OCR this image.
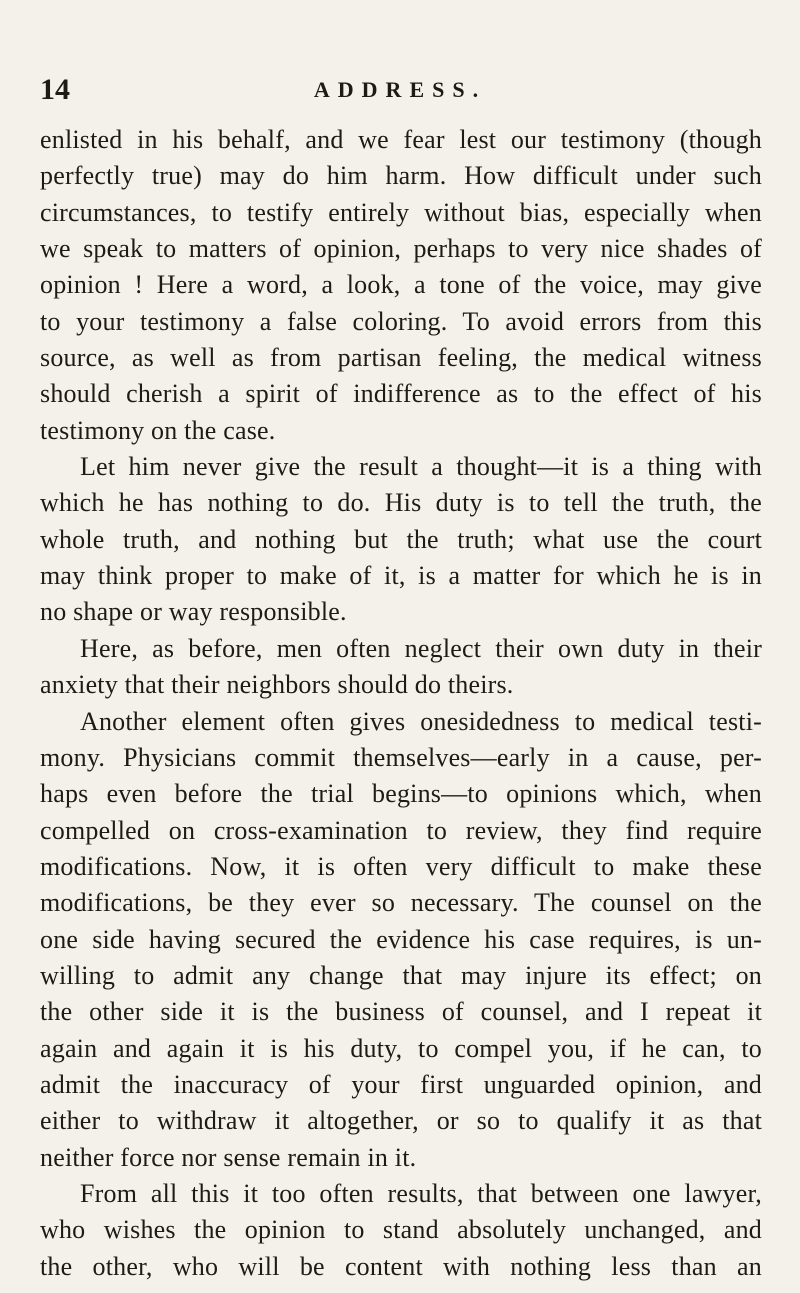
14	ADDRESS.
enlisted in his behalf, and we fear lest our testimony (though
perfectly true) may do him harm. How difficult under such
circumstances, to testify entirely without bias, especially when
we speak to matters of opinion, perhaps to very nice shades of
opinion ! Here a word, a look, a tone of the voice, may give
to your testimony a false coloring. To avoid errors from this
source, as well as from partisan feeling, the medical witness
should cherish a spirit of indifference as to the effect of his
testimony on the case.
Let him never give the result a thought—it is a thing with
which he has nothing to do. His duty is to tell the truth, the
whole truth, and nothing but the truth; what use the court
may think proper to make of it, is a matter for which he is in
no shape or way responsible.
Here, as before, men often neglect their own duty in their
anxiety that their neighbors should do theirs.
Another element often gives onesidedness to medical testi-
mony. Physicians commit themselves—early in a cause, per-
haps even before the trial begins—to opinions which, when
compelled on cross-examination to review, they find require
modifications. Now, it is often very difficult to make these
modifications, be they ever so necessary. The counsel on the
one side having secured the evidence his case requires, is un-
willing to admit any change that may injure its effect; on
the other side it is the business of counsel, and I repeat it
again and again it is his duty, to compel you, if he can, to
admit the inaccuracy of your first unguarded opinion, and
either to withdraw it altogether, or so to qualify it as that
neither force nor sense remain in it.
From all this it too often results, that between one lawyer,
who wishes the opinion to stand absolutely unchanged, and
the other, who will be content with nothing less than an
